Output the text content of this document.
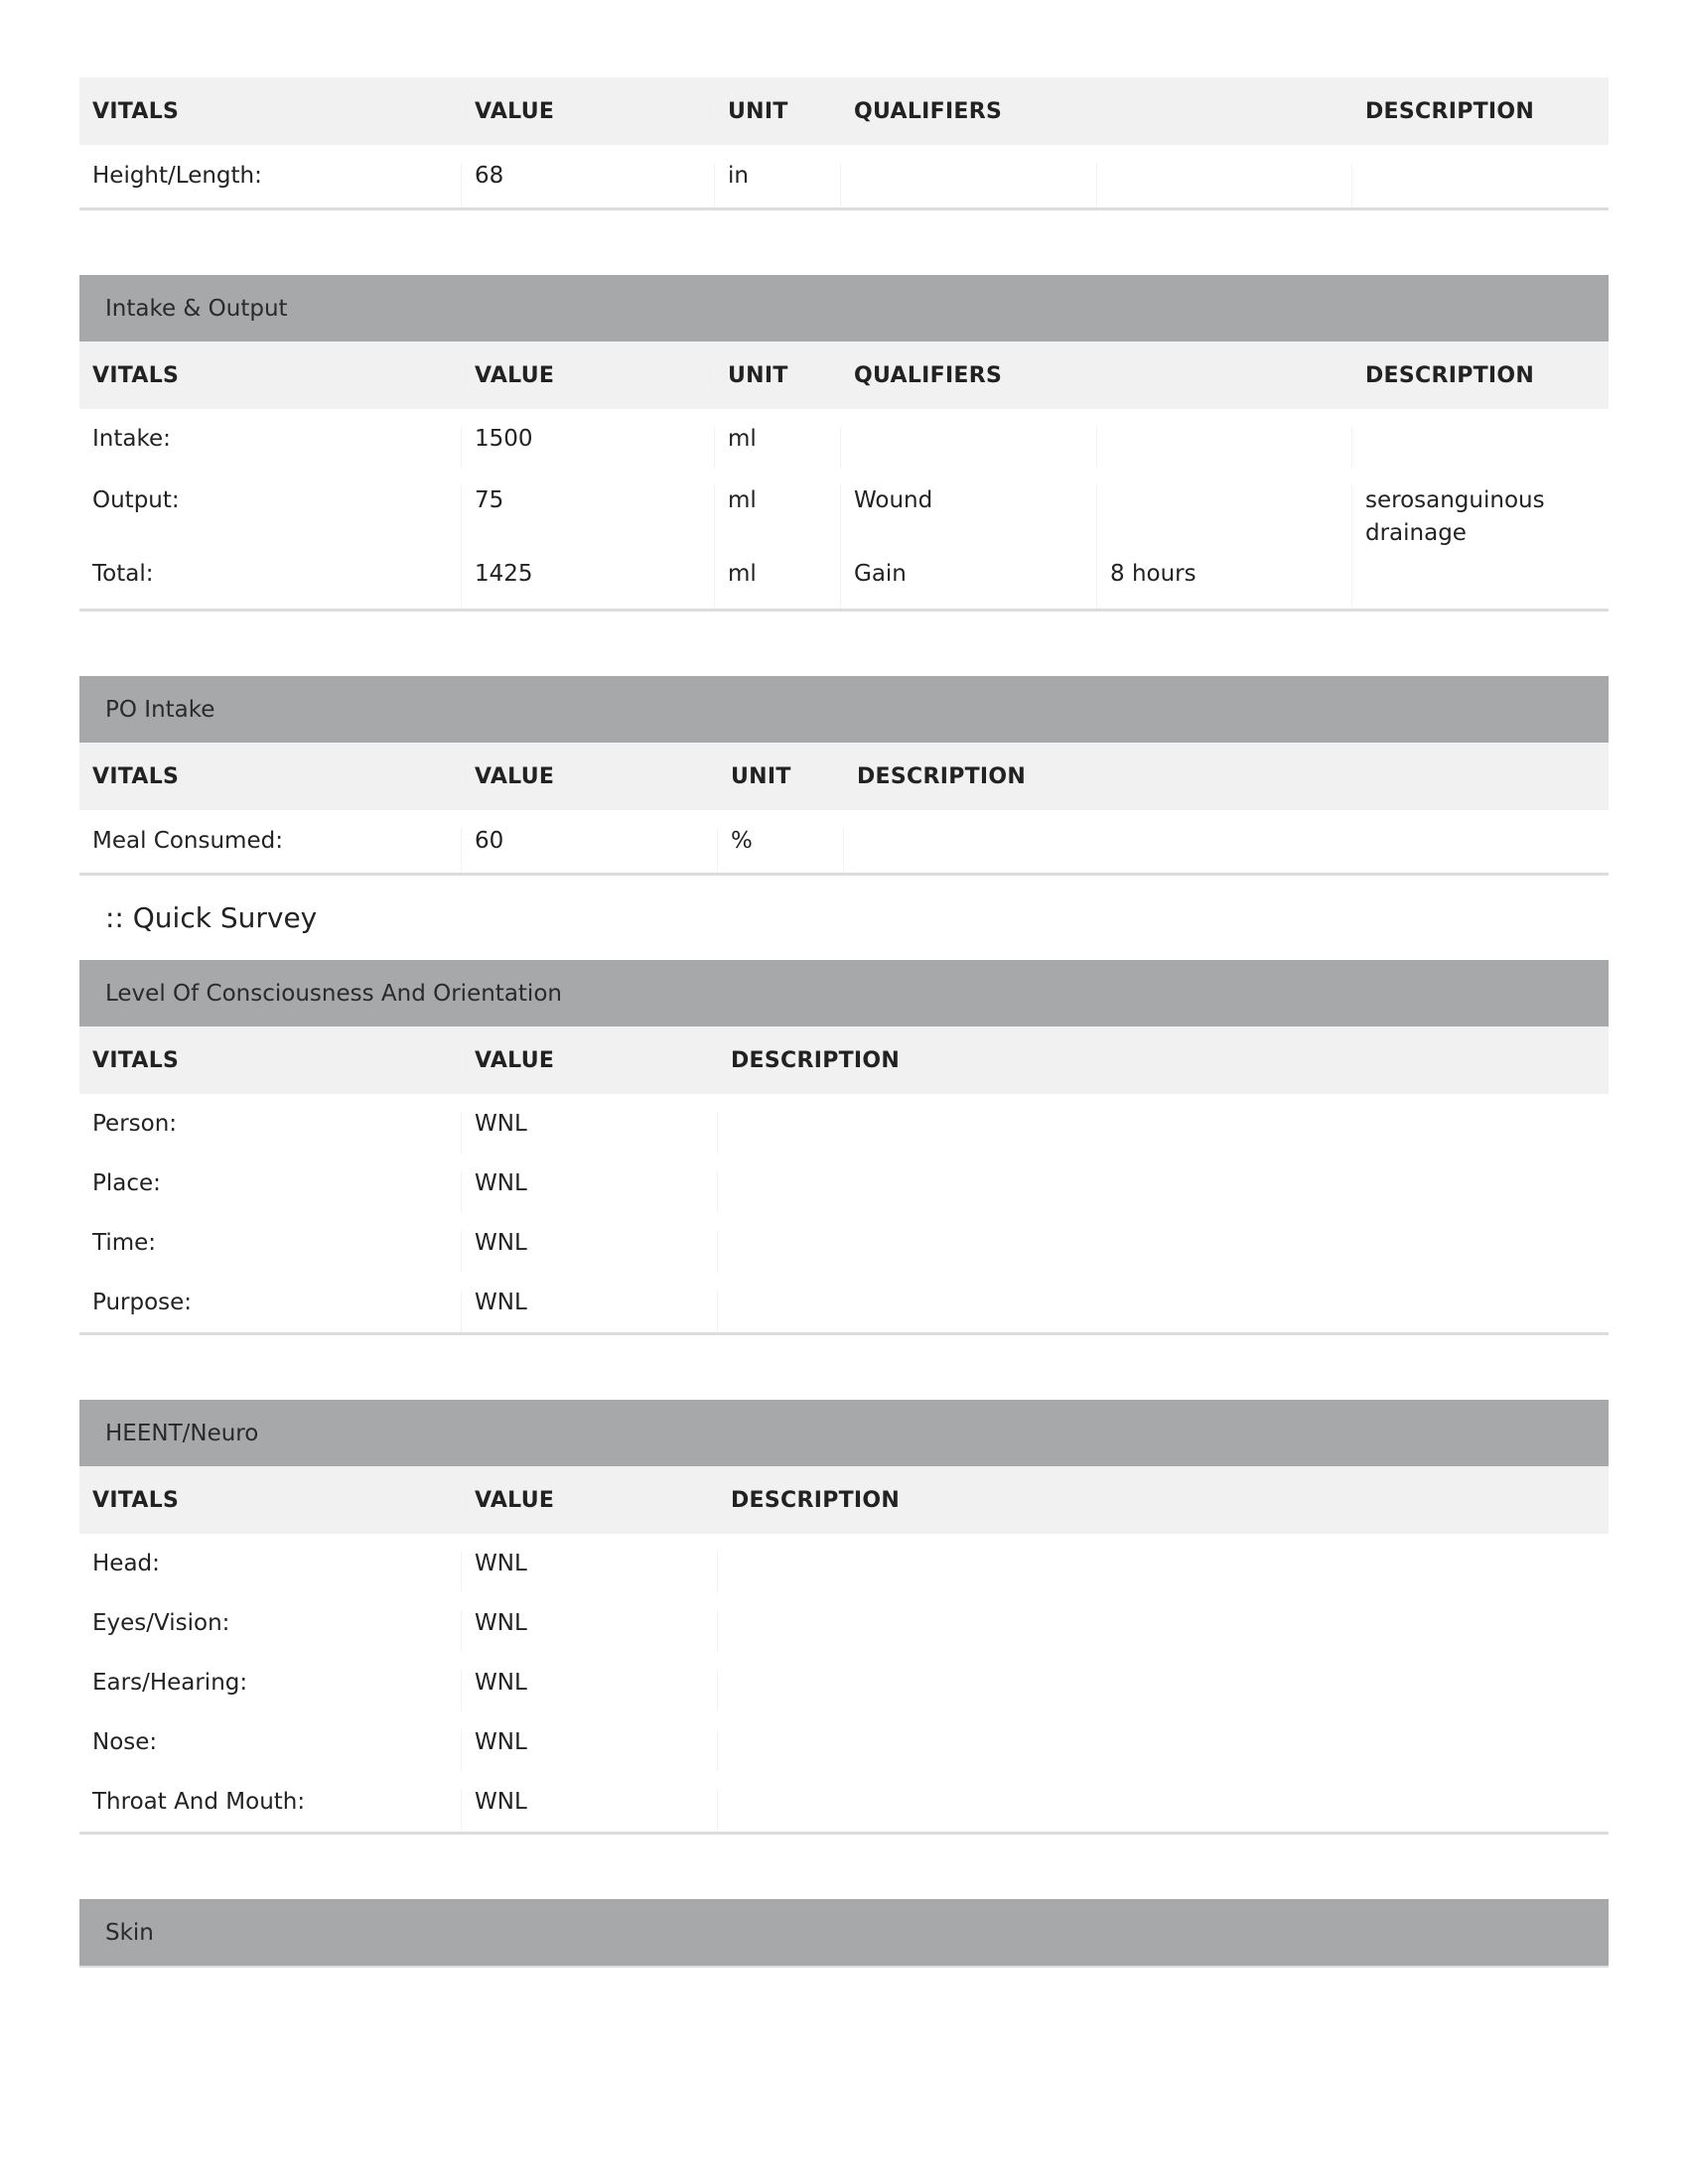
VITALS	VALUE	UNIT	QUALIFIERS	DESCRIPTION
Height/Length:	68	in
Intake & Output
VITALS	VALUE	UNIT	QUALIFIERS	DESCRIPTION
Intake:	1500	ml
Output:	75	ml	Wound	serosanguinous drainage
Total:	1425	ml	Gain	8 hours
PO Intake
VITALS	VALUE	UNIT	DESCRIPTION
Meal Consumed:	60	%
:: Quick Survey
Level Of Consciousness And Orientation
VITALS	VALUE	DESCRIPTION
Person:	WNL
Place:	WNL
Time:	WNL
Purpose:	WNL
HEENT/Neuro
VITALS	VALUE	DESCRIPTION
Head:	WNL
Eyes/Vision:	WNL
Ears/Hearing:	WNL
Nose:	WNL
Throat And Mouth:	WNL
Skin
